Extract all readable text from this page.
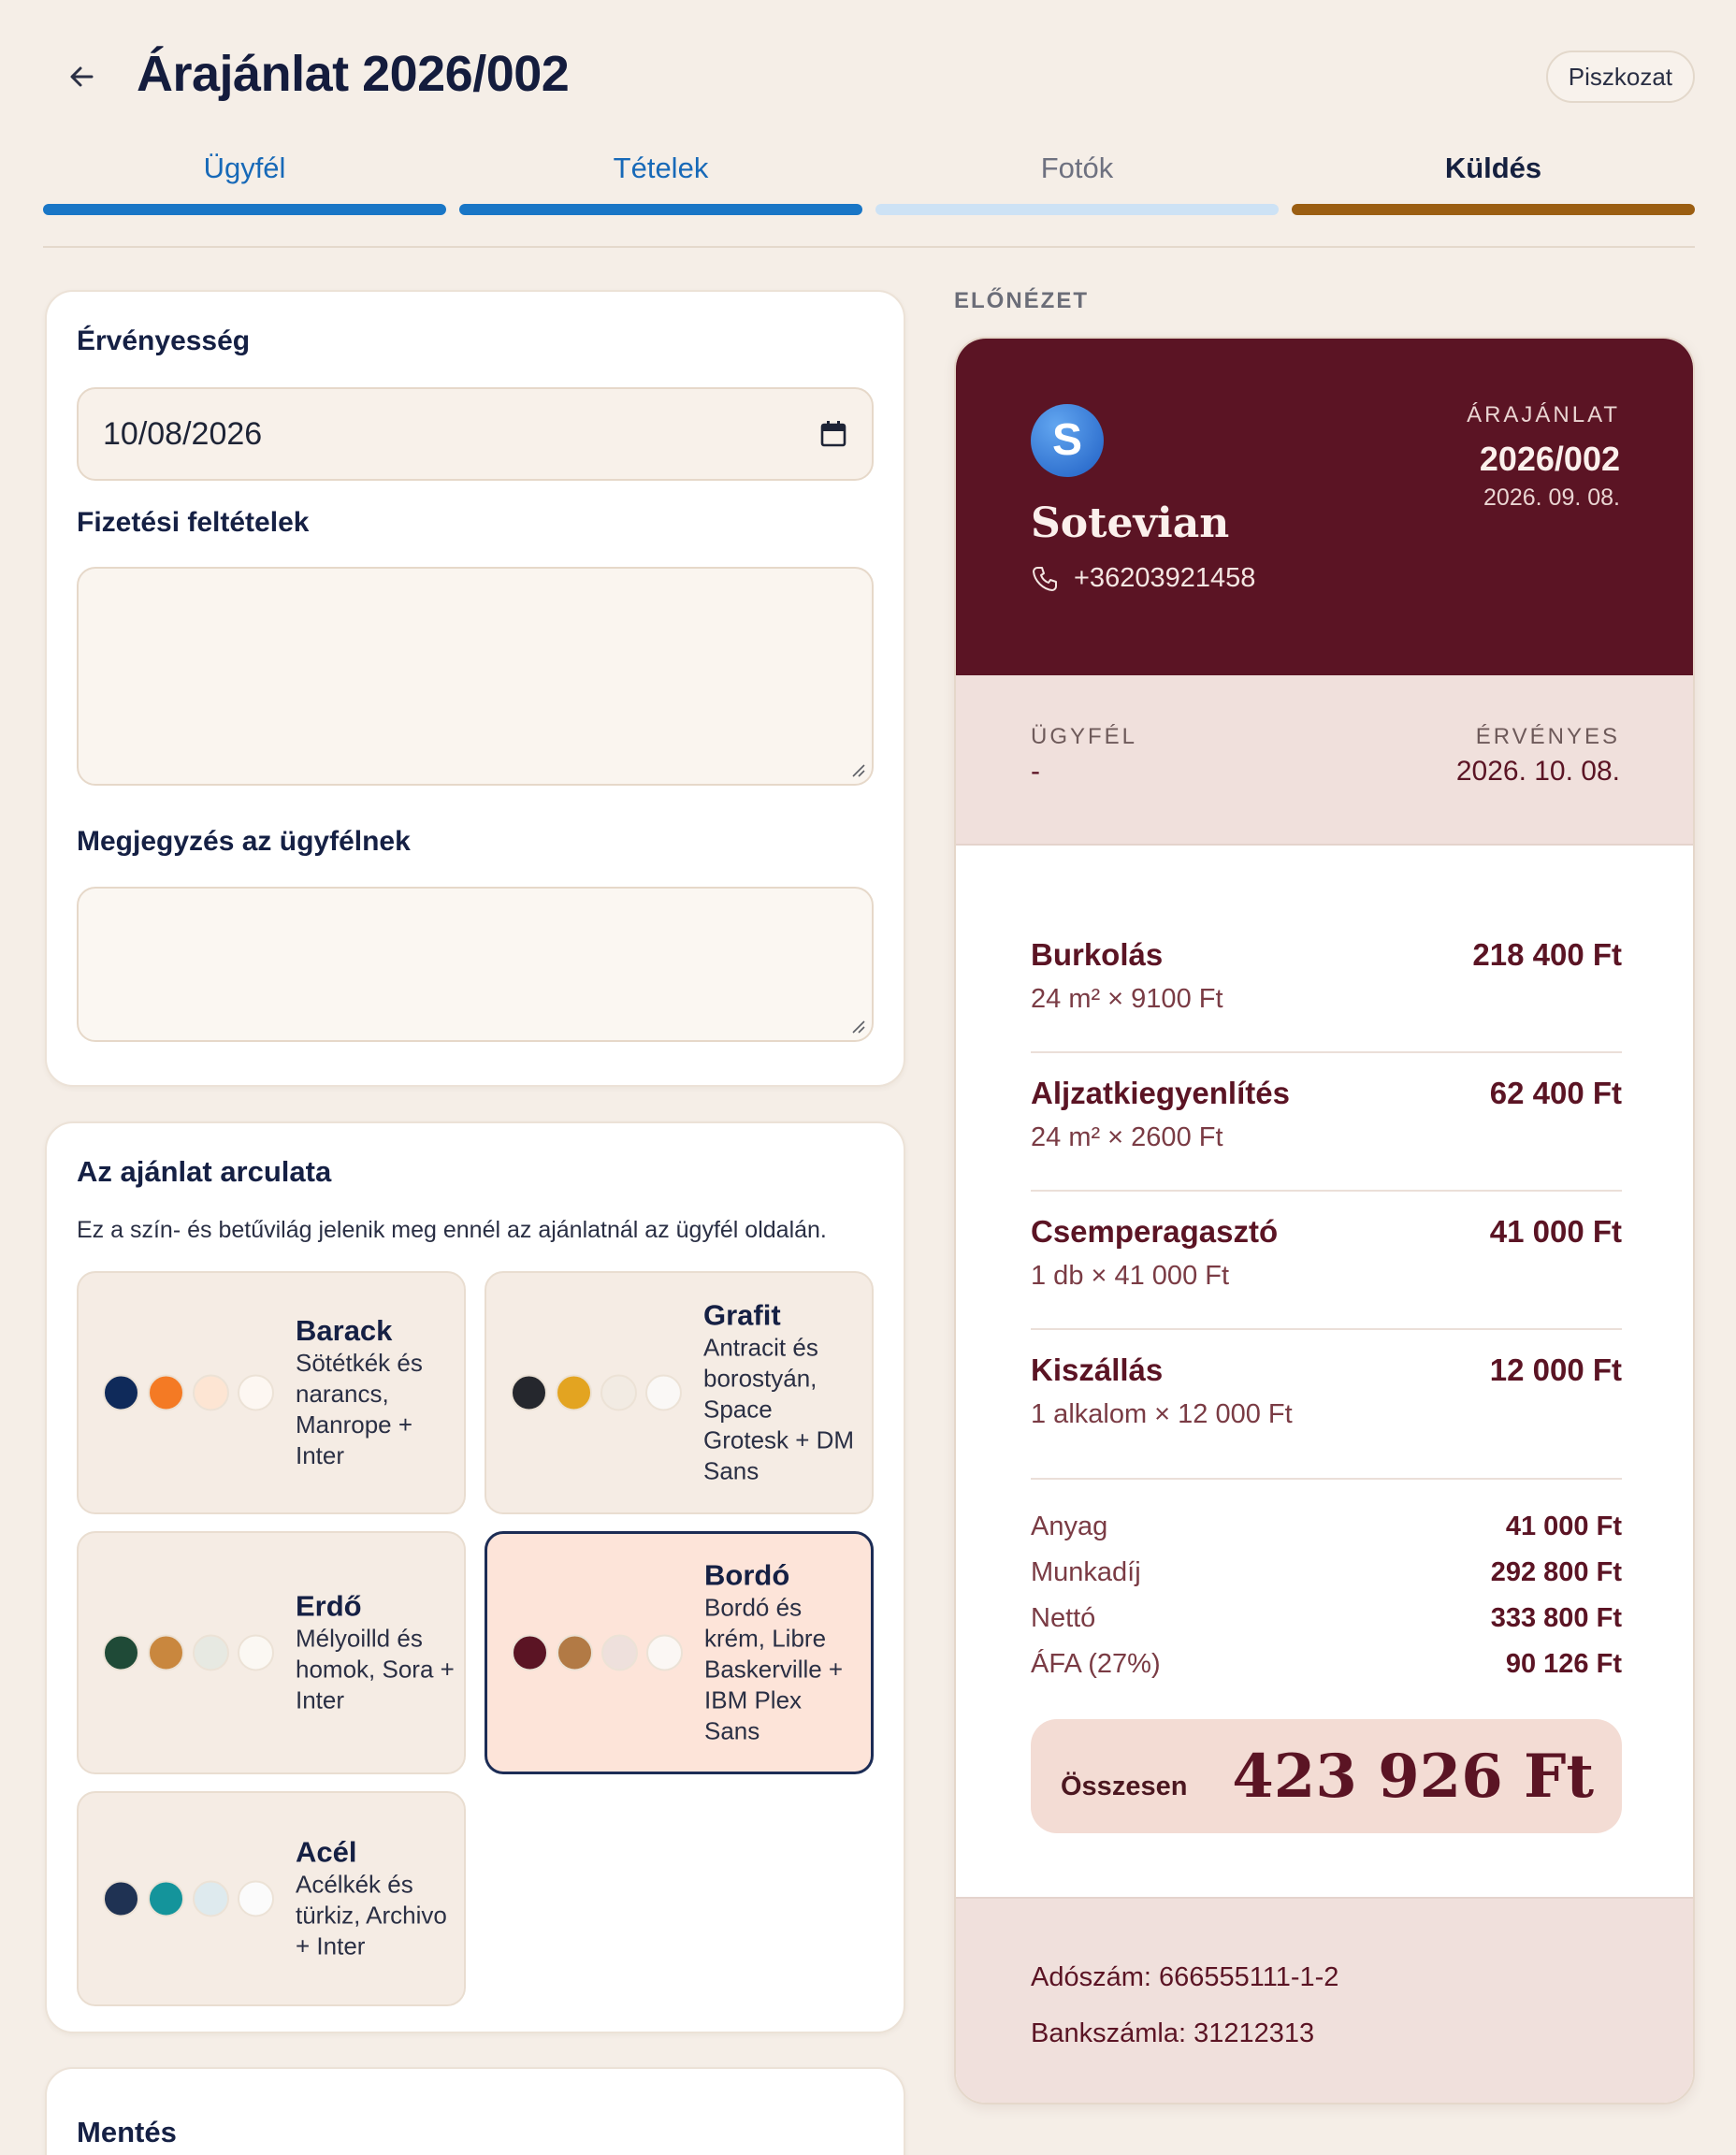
Árajánlat 2026/002	Piszkozat
Ügyfél	Tételek	Fotók	Küldés
Érvényesség
10/08/2026
Fizetési feltételek
Megjegyzés az ügyfélnek
Az ajánlat arculata
Ez a szín- és betűvilág jelenik meg ennél az ajánlatnál az ügyfél oldalán.
Barack
Sötétkék és narancs, Manrope + Inter
Grafit
Antracit és borostyán, Space Grotesk + DM Sans
Erdő
Mélyoilld és homok, Sora + Inter
Bordó
Bordó és krém, Libre Baskerville + IBM Plex Sans
Acél
Acélkék és türkiz, Archivo + Inter
Mentés
ELŐNÉZET
S
Sotevian
+36203921458
ÁRAJÁNLAT
2026/002
2026. 09. 08.
ÜGYFÉL
-
ÉRVÉNYES
2026. 10. 08.
Burkolás	218 400 Ft
24 m² × 9100 Ft
Aljzatkiegyenlítés	62 400 Ft
24 m² × 2600 Ft
Csemperagasztó	41 000 Ft
1 db × 41 000 Ft
Kiszállás	12 000 Ft
1 alkalom × 12 000 Ft
Anyag	41 000 Ft
Munkadíj	292 800 Ft
Nettó	333 800 Ft
ÁFA (27%)	90 126 Ft
Összesen 423 926 Ft
Adószám: 666555111-1-2
Bankszámla: 31212313
